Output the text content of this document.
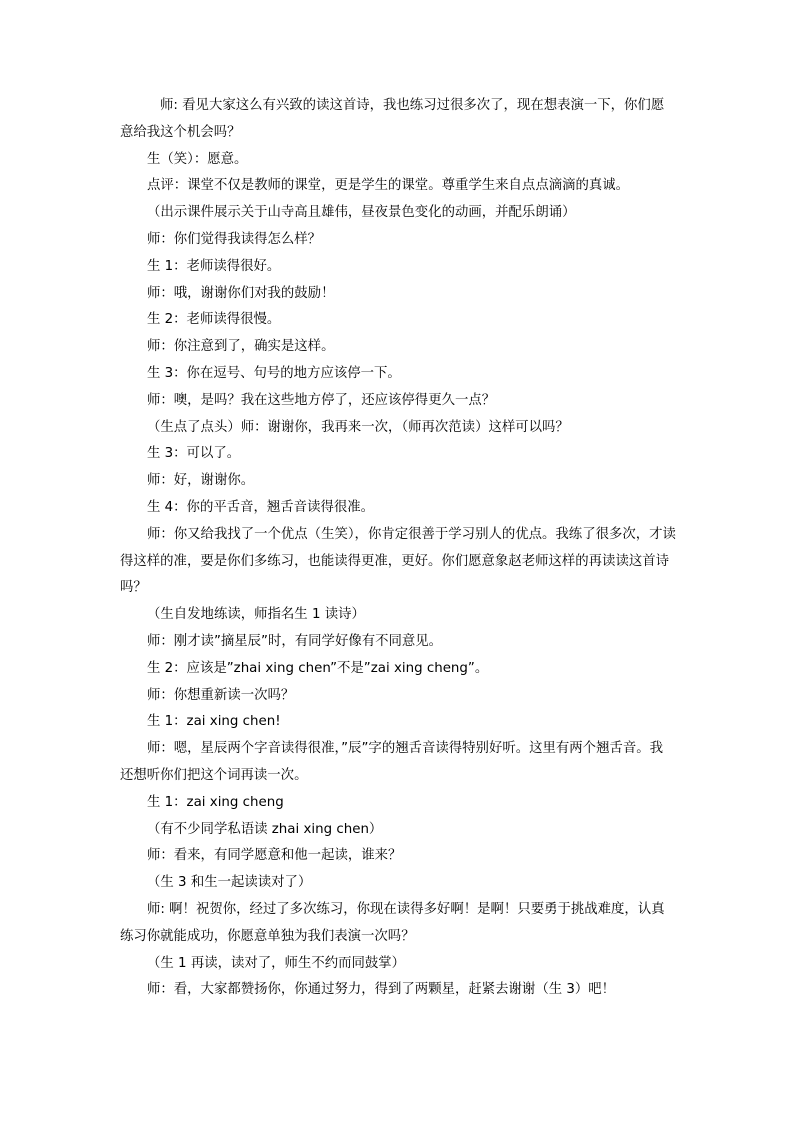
师: 看见大家这么有兴致的读这首诗，我也练习过很多次了，现在想表演一下，你们愿意给我这个机会吗？

生（笑）：愿意。

点评：课堂不仅是教师的课堂，更是学生的课堂。尊重学生来自点点滴滴的真诚。

（出示课件展示关于山寺高且雄伟，昼夜景色变化的动画，并配乐朗诵）

师：你们觉得我读得怎么样？

生 1：老师读得很好。

师：哦，谢谢你们对我的鼓励！

生 2：老师读得很慢。

师：你注意到了，确实是这样。

生 3：你在逗号、句号的地方应该停一下。

师：噢，是吗？我在这些地方停了，还应该停得更久一点？

（生点了点头）师：谢谢你，我再来一次，（师再次范读）这样可以吗？

生 3：可以了。

师：好，谢谢你。

生 4：你的平舌音，翘舌音读得很准。

师：你又给我找了一个优点（生笑），你肯定很善于学习别人的优点。我练了很多次，才读得这样的准，要是你们多练习，也能读得更准，更好。你们愿意象赵老师这样的再读读这首诗吗？

（生自发地练读，师指名生 1 读诗）

师：刚才读”摘星辰”时，有同学好像有不同意见。

生 2：应该是”zhai xing chen”不是”zai xing cheng”。

师：你想重新读一次吗？

生 1：zai xing chen!

师：嗯，星辰两个字音读得很准，”辰”字的翘舌音读得特别好听。这里有两个翘舌音。我还想听你们把这个词再读一次。

生 1：zai xing cheng

（有不少同学私语读 zhai xing chen）

师：看来，有同学愿意和他一起读，谁来？

（生 3 和生一起读读对了）

师: 啊！祝贺你，经过了多次练习，你现在读得多好啊！是啊！只要勇于挑战难度，认真练习你就能成功，你愿意单独为我们表演一次吗？

（生 1 再读，读对了，师生不约而同鼓掌）

师：看，大家都赞扬你，你通过努力，得到了两颗星，赶紧去谢谢（生 3）吧！
